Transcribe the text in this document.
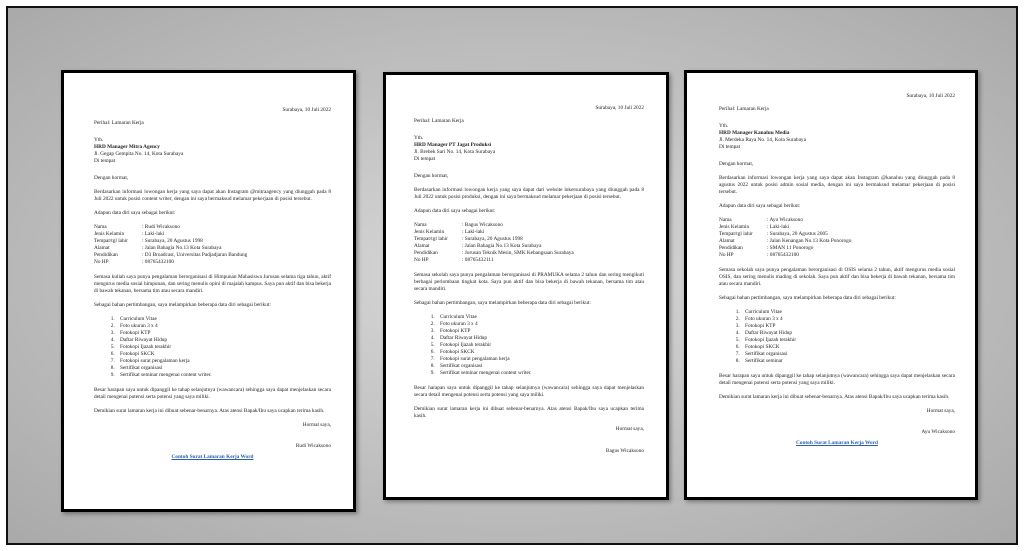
Surabaya, 10 Juli 2022
Perihal: Lamaran Kerja
Yth.
HRD Manager Mitra Agency
Jl. Gegap Gempita No. 14, Kota Surabaya
Di tempat

Dengan hormat,

Berdasarkan informasi lowongan kerja yang saya dapat akan Instagram @mitraagency yang diunggah pada 8 Juli 2022 untuk posisi content writer, dengan ini saya bermaksud melamar pekerjaan di posisi tersebut.

Adapun data diri saya sebagai berikut:

Nama	: Rudi Wicaksono
Jenis Kelamin	: Laki-laki
Tempat/tgl lahir	: Surabaya, 20 Agustus 1998
Alamat	: Jalan Bahagia No.13 Kota Surabaya
Pendidikan	: D3 Broadcast, Universitas Padjadjaran Bandung
No HP	: 08765432100

Semasa kuliah saya punya pengalaman berorganisasi di Himpunan Mahasiswa Jurusan selama tiga tahun, aktif mengurus media sosial himpunan, dan sering menulis opini di majalah kampus. Saya pun aktif dan bisa bekerja di bawah tekanan, bersama tim atau secara mandiri.

Sebagai bahan pertimbangan, saya melampirkan beberapa data diri sebagai berikut:

1. Curriculum Vitae
2. Foto ukuran 3 x 4
3. Fotokopi KTP
4. Daftar Riwayat Hidup
5. Fotokopi Ijazah terakhir
6. Fotokopi SKCK
7. Fotokopi surat pengalaman kerja
8. Sertifikat organisasi
9. Sertifikat seminar mengenai content writer.

Besar harapan saya untuk dipanggil ke tahap selanjutnya (wawancara) sehingga saya dapat menjelaskan secara detail mengenai potensi serta potensi yang saya miliki.

Demikian surat lamaran kerja ini dibuat sebenar-benarnya. Atas atensi Bapak/Ibu saya ucapkan terima kasih.

Hormat saya,
Rudi Wicaksono
Contoh Surat Lamaran Kerja Word
Surabaya, 10 Juli 2022
Perihal: Lamaran Kerja
Yth.
HRD Manager PT Jagat Produksi
Jl. Brebek Sari No. 14, Kota Surabaya
Di tempat

Dengan hormat,

Berdasarkan informasi lowongan kerja yang saya dapat dari website lokersurabaya yang diunggah pada 8 Juli 2022 untuk posisi produksi, dengan ini saya bermaksud melamar pekerjaan di posisi tersebut.

Adapun data diri saya sebagai berikut:

Nama	: Bagus Wicaksono
Jenis Kelamin	: Laki-laki
Tempat/tgl lahir	: Surabaya, 20 Agustus 1998
Alamat	: Jalan Bahagia No.13 Kota Surabaya
Pendidikan	: Jurusan Teknik Mesin, SMK Kebangsaan Surabaya
No HP	: 08765432111

Semasa sekolah saya punya pengalaman berorganisasi di PRAMUKA selama 2 tahun dan sering mengikuti berbagai perlombaan tingkat kota. Saya pun aktif dan bisa bekerja di bawah tekanan, bersama tim atau secara mandiri.

Sebagai bahan pertimbangan, saya melampirkan beberapa data diri sebagai berikut:

1. Curriculum Vitae
2. Foto ukuran 3 x 4
3. Fotokopi KTP
4. Daftar Riwayat Hidup
5. Fotokopi Ijazah terakhir
6. Fotokopi SKCK
7. Fotokopi surat pengalaman kerja
8. Sertifikat organisasi
9. Sertifikat seminar mengenai content writer.

Besar harapan saya untuk dipanggil ke tahap selanjutnya (wawancara) sehingga saya dapat menjelaskan secara detail mengenai potensi serta potensi yang saya miliki.

Demikian surat lamaran kerja ini dibuat sebenar-benarnya. Atas atensi Bapak/Ibu saya ucapkan terima kasih.

Hormat saya,
Bagus Wicaksono
Surabaya, 10 Juli 2022
Perihal: Lamaran Kerja
Yth.
HRD Manager Kanaluu Media
Jl. Merdeka Raya No. 14, Kota Surabaya
Di tempat

Dengan hormat,

Berdasarkan informasi lowongan kerja yang saya dapat akan Instagram @kanaluu yang diunggah pada 8 agustus 2022 untuk posisi admin sosial media, dengan ini saya bermaksud melamar pekerjaan di posisi tersebut.

Adapun data diri saya sebagai berikut:

Nama	: Ayu Wicaksono
Jenis Kelamin	: Laki-laki
Tempat/tgl lahir	: Surabaya, 20 Agustus 2005
Alamat	: Jalan Kenangan No.13 Kota Ponorogo
Pendidikan	: SMAN 11 Ponorogo
No HP	: 08765432100

Semasa sekolah saya punya pengalaman berorganisasi di OSIS selama 2 tahun, aktif mengurus media sosial OSIS, dan sering menulis mading di sekolah. Saya pun aktif dan bisa bekerja di bawah tekanan, bersama tim atau secara mandiri.

Sebagai bahan pertimbangan, saya melampirkan beberapa data diri sebagai berikut:

1. Curriculum Vitae
2. Foto ukuran 3 x 4
3. Fotokopi KTP
4. Daftar Riwayat Hidup
5. Fotokopi Ijazah terakhir
6. Fotokopi SKCK
7. Sertifikat organisasi
8. Sertifikat seminar

Besar harapan saya untuk dipanggil ke tahap selanjutnya (wawancara) sehingga saya dapat menjelaskan secara detail mengenai potensi serta potensi yang saya miliki.

Demikian surat lamaran kerja ini dibuat sebenar-benarnya. Atas atensi Bapak/Ibu saya ucapkan terima kasih.

Hormat saya,
Ayu Wicaksono
Contoh Surat Lamaran Kerja Word
